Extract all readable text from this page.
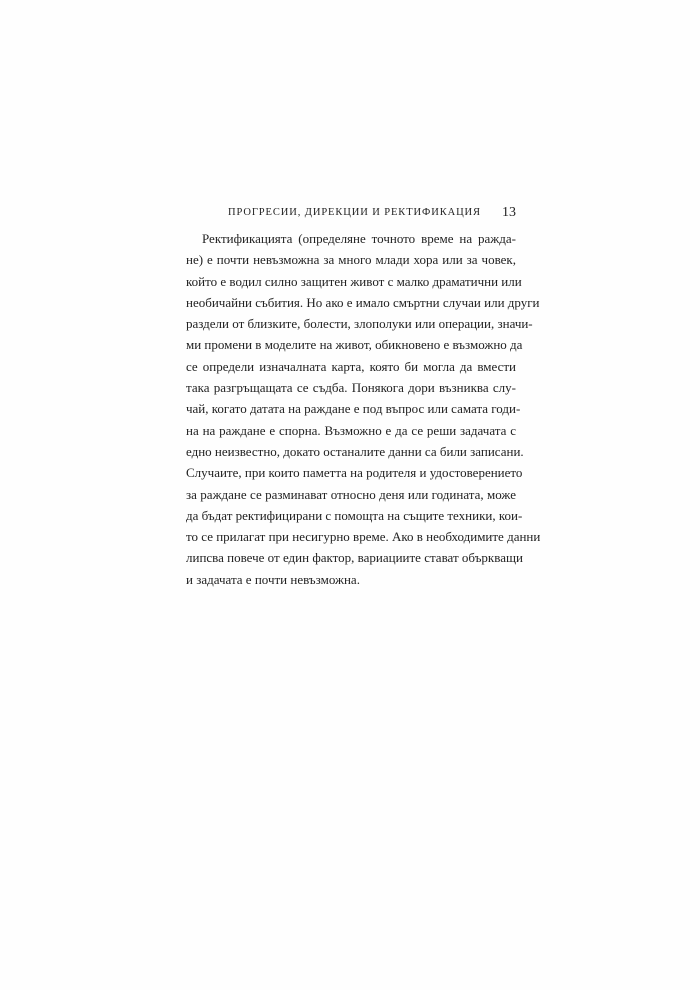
ПРОГРЕСИИ, ДИРЕКЦИИ И РЕКТИФИКАЦИЯ 13
Ректификацията (определяне точното време на ражда-
не) е почти невъзможна за много млади хора или за човек,
който е водил силно защитен живот с малко драматични или
необичайни събития. Но ако е имало смъртни случаи или други
раздели от близките, болести, злополуки или операции, значи-
ми промени в моделите на живот, обикновено е възможно да
се определи изначалната карта, която би могла да вмести
така разгръщащата се съдба. Понякога дори възниква слу-
чай, когато датата на раждане е под въпрос или самата годи-
на на раждане е спорна. Възможно е да се реши задачата с
едно неизвестно, докато останалите данни са били записани.
Случаите, при които паметта на родителя и удостоверението
за раждане се разминават относно деня или годината, може
да бъдат ректифицирани с помощта на същите техники, кои-
то се прилагат при несигурно време. Ако в необходимите данни
липсва повече от един фактор, вариациите стават объркващи
и задачата е почти невъзможна.
